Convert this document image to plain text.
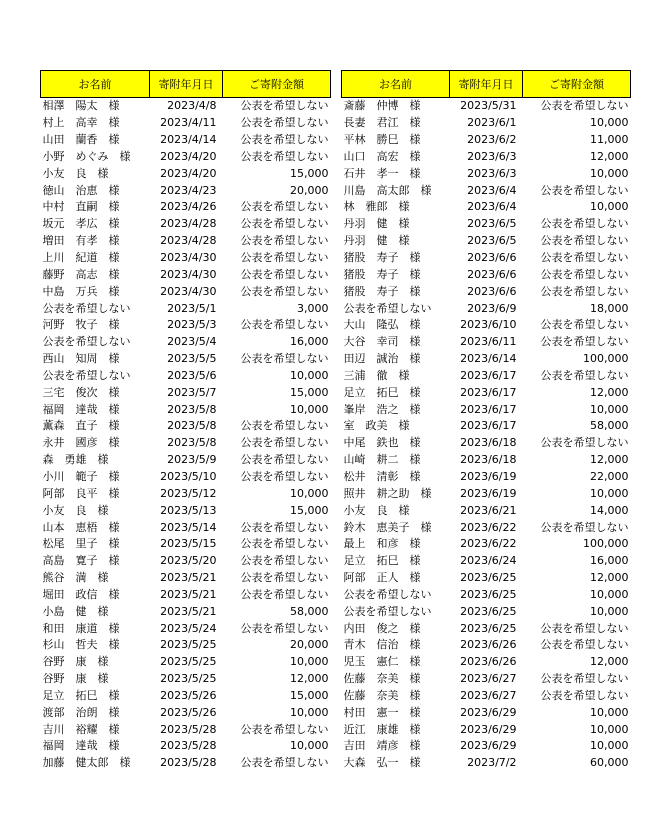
お名前	寄附年月日	ご寄附金額
相澤　陽太　様	2023/4/8	公表を希望しない
村上　高幸　様	2023/4/11	公表を希望しない
山田　蘭香　様	2023/4/14	公表を希望しない
小野　めぐみ　様	2023/4/20	公表を希望しない
小友　良　様	2023/4/20	15,000
徳山　治恵　様	2023/4/23	20,000
中村　直嗣　様	2023/4/26	公表を希望しない
坂元　孝広　様	2023/4/28	公表を希望しない
増田　有孝　様	2023/4/28	公表を希望しない
上川　紀道　様	2023/4/30	公表を希望しない
藤野　高志　様	2023/4/30	公表を希望しない
中島　万兵　様	2023/4/30	公表を希望しない
公表を希望しない	2023/5/1	3,000
河野　牧子　様	2023/5/3	公表を希望しない
公表を希望しない	2023/5/4	16,000
西山　知周　様	2023/5/5	公表を希望しない
公表を希望しない	2023/5/6	10,000
三宅　俊次　様	2023/5/7	15,000
福岡　達哉　様	2023/5/8	10,000
薫森　直子　様	2023/5/8	公表を希望しない
永井　國彦　様	2023/5/8	公表を希望しない
森　勇雄　様	2023/5/9	公表を希望しない
小川　範子　様	2023/5/10	公表を希望しない
阿部　良平　様	2023/5/12	10,000
小友　良　様	2023/5/13	15,000
山本　恵梧　様	2023/5/14	公表を希望しない
松尾　里子　様	2023/5/15	公表を希望しない
高島　寛子　様	2023/5/20	公表を希望しない
熊谷　満　様	2023/5/21	公表を希望しない
堀田　政信　様	2023/5/21	公表を希望しない
小島　健　様	2023/5/21	58,000
和田　康道　様	2023/5/24	公表を希望しない
杉山　哲夫　様	2023/5/25	20,000
谷野　康　様	2023/5/25	10,000
谷野　康　様	2023/5/25	12,000
足立　拓巳　様	2023/5/26	15,000
渡部　治朗　様	2023/5/26	10,000
吉川　裕耀　様	2023/5/28	公表を希望しない
福岡　達哉　様	2023/5/28	10,000
加藤　健太郎　様	2023/5/28	公表を希望しない
お名前	寄附年月日	ご寄附金額
斎藤　仲博　様	2023/5/31	公表を希望しない
長妻　君江　様	2023/6/1	10,000
平林　勝巳　様	2023/6/2	11,000
山口　高宏　様	2023/6/3	12,000
石井　孝一　様	2023/6/3	10,000
川島　高太郎　様	2023/6/4	公表を希望しない
林　雅郎　様	2023/6/4	10,000
丹羽　健　様	2023/6/5	公表を希望しない
丹羽　健　様	2023/6/5	公表を希望しない
猪股　寿子　様	2023/6/6	公表を希望しない
猪股　寿子　様	2023/6/6	公表を希望しない
猪股　寿子　様	2023/6/6	公表を希望しない
公表を希望しない	2023/6/9	18,000
大山　隆弘　様	2023/6/10	公表を希望しない
大谷　幸司　様	2023/6/11	公表を希望しない
田辺　誠治　様	2023/6/14	100,000
三浦　徹　様	2023/6/17	公表を希望しない
足立　拓巳　様	2023/6/17	12,000
峯岸　浩之　様	2023/6/17	10,000
室　政美　様	2023/6/17	58,000
中尾　鉄也　様	2023/6/18	公表を希望しない
山崎　耕二　様	2023/6/18	12,000
松井　清彰　様	2023/6/19	22,000
照井　耕之助　様	2023/6/19	10,000
小友　良　様	2023/6/21	14,000
鈴木　恵美子　様	2023/6/22	公表を希望しない
最上　和彦　様	2023/6/22	100,000
足立　拓巳　様	2023/6/24	16,000
阿部　正人　様	2023/6/25	12,000
公表を希望しない	2023/6/25	10,000
公表を希望しない	2023/6/25	10,000
内田　俊之　様	2023/6/25	公表を希望しない
青木　信治　様	2023/6/26	公表を希望しない
児玉　憲仁　様	2023/6/26	12,000
佐藤　奈美　様	2023/6/27	公表を希望しない
佐藤　奈美　様	2023/6/27	公表を希望しない
村田　憲一　様	2023/6/29	10,000
近江　康雄　様	2023/6/29	10,000
吉田　靖彦　様	2023/6/29	10,000
大森　弘一　様	2023/7/2	60,000
